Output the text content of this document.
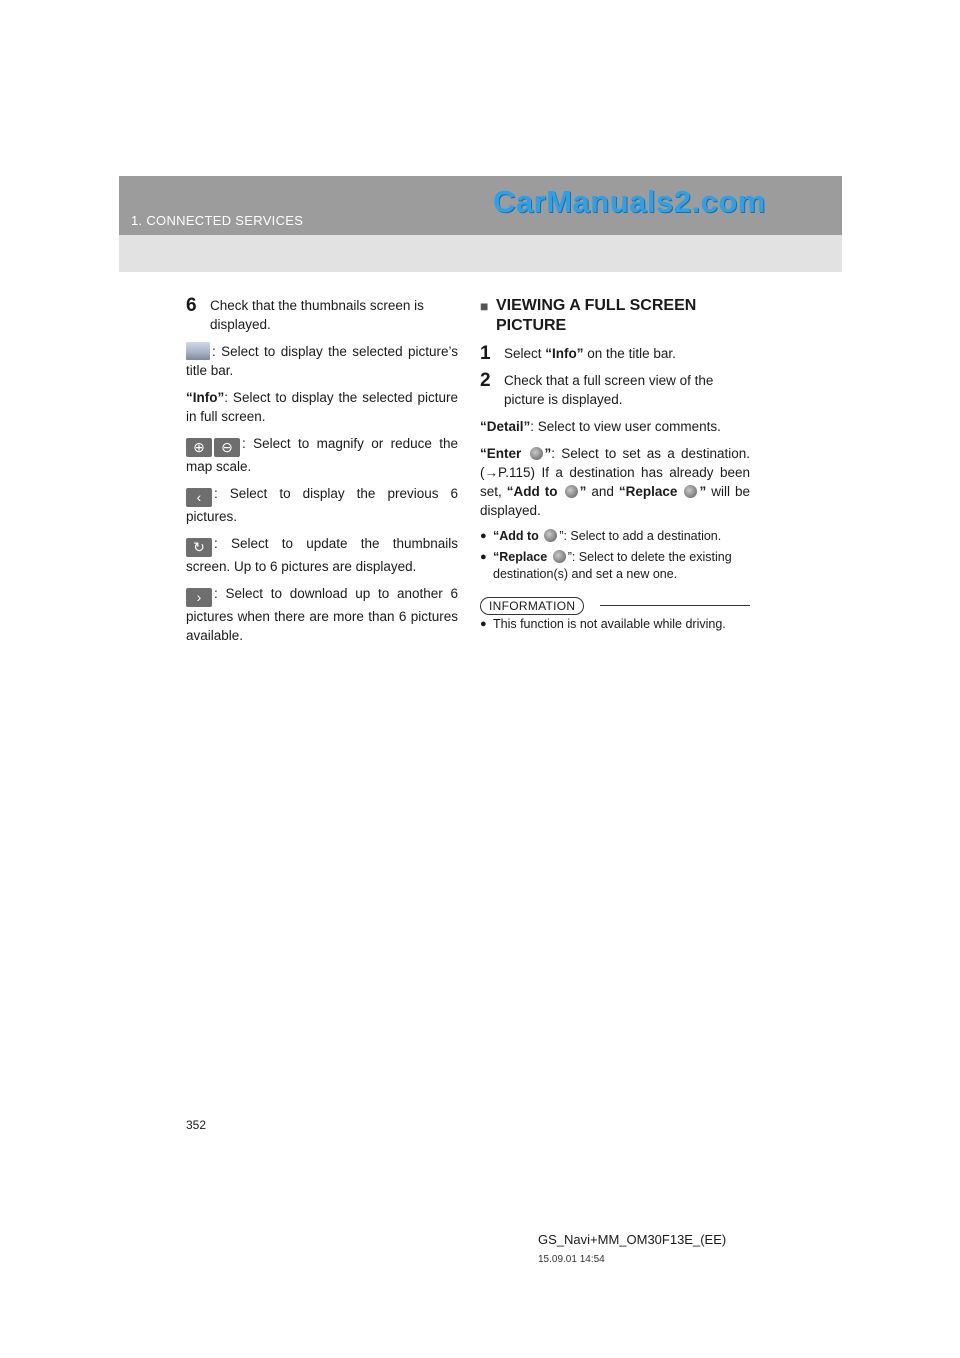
1. CONNECTED SERVICES
CarManuals2.com
6 Check that the thumbnails screen is displayed.

: Select to display the selected picture’s title bar.

“Info”: Select to display the selected picture in full screen.

⊕ ⊖ : Select to magnify or reduce the map scale.

‹ : Select to display the previous 6 pictures.

↻ : Select to update the thumbnails screen. Up to 6 pictures are displayed.

› : Select to download up to another 6 pictures when there are more than 6 pictures available.

■ VIEWING A FULL SCREEN PICTURE
1 Select “Info” on the title bar.
2 Check that a full screen view of the picture is displayed.

“Detail”: Select to view user comments.

“Enter ”: Select to set as a destination. (→P.115) If a destination has already been set, “Add to ” and “Replace ” will be displayed.

● “Add to ”: Select to add a destination.
● “Replace ”: Select to delete the existing destination(s) and set a new one.
INFORMATION
● This function is not available while driving.
352
GS_Navi+MM_OM30F13E_(EE)
15.09.01 14:54
